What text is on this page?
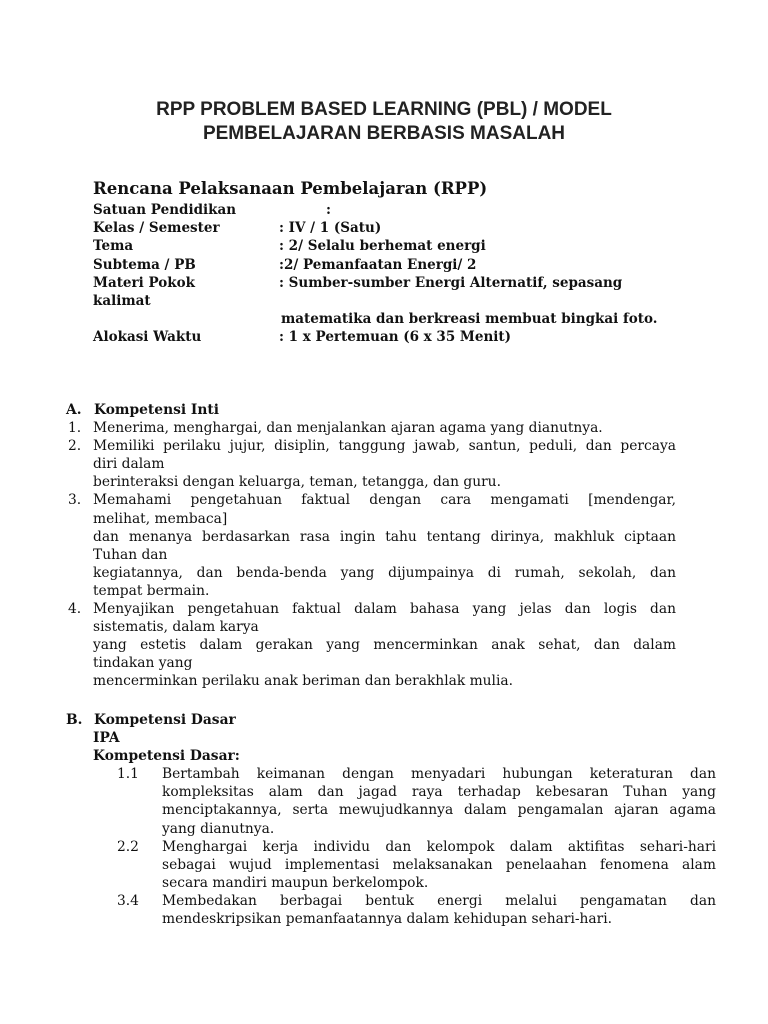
RPP PROBLEM BASED LEARNING (PBL) / MODEL
PEMBELAJARAN BERBASIS MASALAH
Rencana Pelaksanaan Pembelajaran (RPP)
Satuan Pendidikan	:
Kelas / Semester	: IV / 1 (Satu)
Tema	: 2/ Selalu berhemat energi
Subtema / PB	:2/ Pemanfaatan Energi/ 2
Materi Pokok	: Sumber-sumber Energi Alternatif, sepasang
kalimat
matematika dan berkreasi membuat bingkai foto.
Alokasi Waktu	: 1 x Pertemuan (6 x 35 Menit)
A. Kompetensi Inti
1. Menerima, menghargai, dan menjalankan ajaran agama yang dianutnya.
2. Memiliki perilaku jujur, disiplin, tanggung jawab, santun, peduli, dan percaya
diri dalam
berinteraksi dengan keluarga, teman, tetangga, dan guru.
3. Memahami pengetahuan faktual dengan cara mengamati [mendengar,
melihat, membaca]
dan menanya berdasarkan rasa ingin tahu tentang dirinya, makhluk ciptaan
Tuhan dan
kegiatannya, dan benda-benda yang dijumpainya di rumah, sekolah, dan
tempat bermain.
4. Menyajikan pengetahuan faktual dalam bahasa yang jelas dan logis dan
sistematis, dalam karya
yang estetis dalam gerakan yang mencerminkan anak sehat, dan dalam
tindakan yang
mencerminkan perilaku anak beriman dan berakhlak mulia.
B. Kompetensi Dasar
IPA
Kompetensi Dasar:
1.1 Bertambah keimanan dengan menyadari hubungan keteraturan dan
kompleksitas alam dan jagad raya terhadap kebesaran Tuhan yang
menciptakannya, serta mewujudkannya dalam pengamalan ajaran agama
yang dianutnya.
2.2 Menghargai kerja individu dan kelompok dalam aktifitas sehari-hari
sebagai wujud implementasi melaksanakan penelaahan fenomena alam
secara mandiri maupun berkelompok.
3.4 Membedakan berbagai bentuk energi melalui pengamatan dan
mendeskripsikan pemanfaatannya dalam kehidupan sehari-hari.
